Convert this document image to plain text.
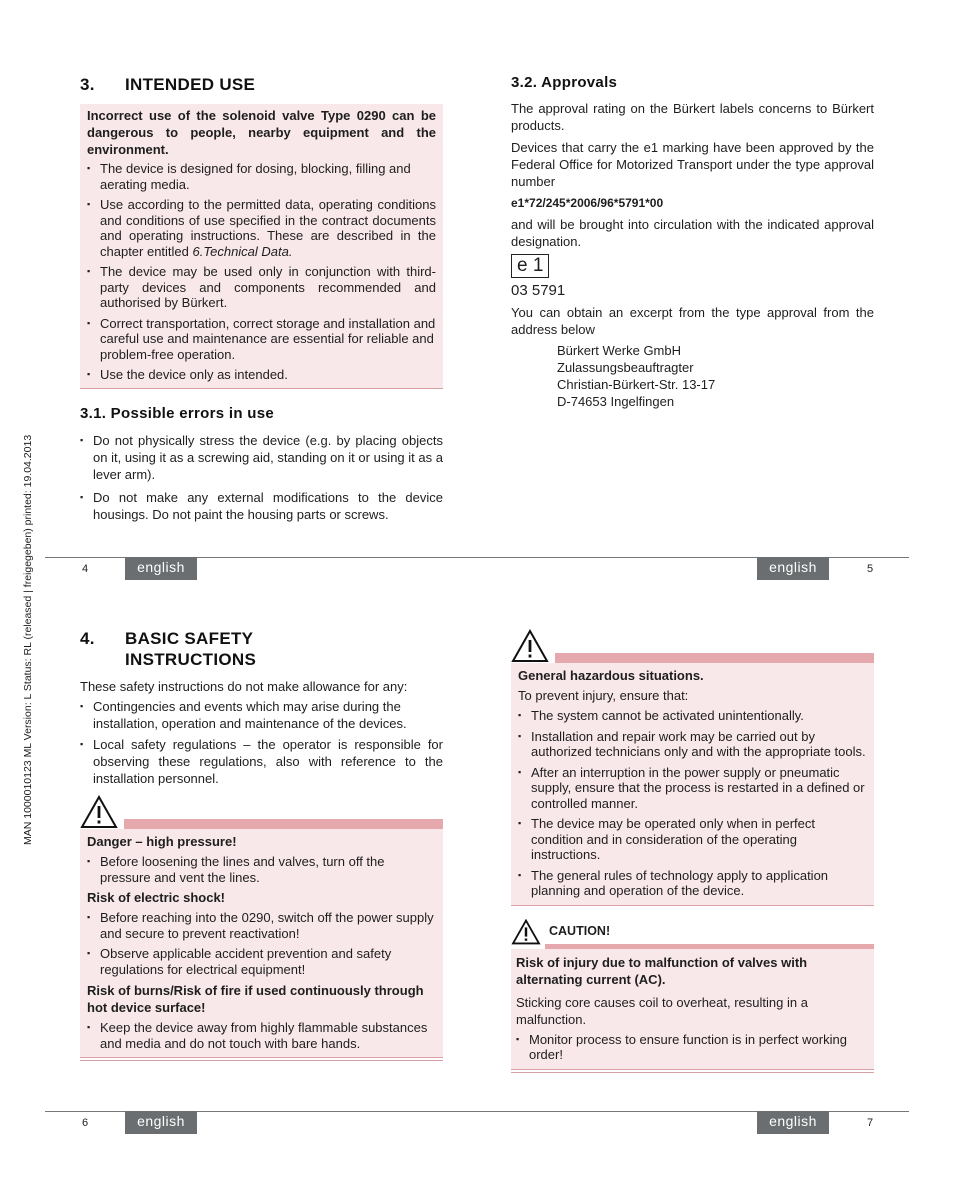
MAN 1000010123 ML Version: L Status: RL (released | freigegeben) printed: 19.04.2013
3.	INTENDED USE

Incorrect use of the solenoid valve Type 0290 can be dangerous to people, nearby equipment and the environment.

▪ The device is designed for dosing, blocking, filling and aerating media.
▪ Use according to the permitted data, operating conditions and conditions of use specified in the contract documents and operating instructions. These are described in the chapter entitled 6.Technical Data.
▪ The device may be used only in conjunction with third-party devices and components recommended and authorised by Bürkert.
▪ Correct transportation, correct storage and installation and careful use and maintenance are essential for reliable and problem-free operation.
▪ Use the device only as intended.
3.1. Possible errors in use
▪ Do not physically stress the device (e.g. by placing objects on it, using it as a screwing aid, standing on it or using it as a lever arm).
▪ Do not make any external modifications to the device housings. Do not paint the housing parts or screws.
3.2. Approvals

The approval rating on the Bürkert labels concerns to Bürkert products.

Devices that carry the e1 marking have been approved by the Federal Office for Motorized Transport under the type approval number

e1*72/245*2006/96*5791*00

and will be brought into circulation with the indicated approval designation.

e 1

03 5791

You can obtain an excerpt from the type approval from the address below

Bürkert Werke GmbH
Zulassungsbeauftragter
Christian-Bürkert-Str. 13-17
D-74653 Ingelfingen
4	english	english	5
4.	BASIC SAFETY
INSTRUCTIONS

These safety instructions do not make allowance for any:

▪ Contingencies and events which may arise during the installation, operation and maintenance of the devices.
▪ Local safety regulations – the operator is responsible for observing these regulations, also with reference to the installation personnel.

Danger – high pressure!

▪ Before loosening the lines and valves, turn off the pressure and vent the lines.

Risk of electric shock!

▪ Before reaching into the 0290, switch off the power supply and secure to prevent reactivation!
▪ Observe applicable accident prevention and safety regulations for electrical equipment!

Risk of burns/Risk of fire if used continuously through hot device surface!

▪ Keep the device away from highly flammable substances and media and do not touch with bare hands.

General hazardous situations.

To prevent injury, ensure that:

▪ The system cannot be activated unintentionally.
▪ Installation and repair work may be carried out by authorized technicians only and with the appropriate tools.
▪ After an interruption in the power supply or pneumatic supply, ensure that the process is restarted in a defined or controlled manner.
▪ The device may be operated only when in perfect condition and in consideration of the operating instructions.
▪ The general rules of technology apply to application planning and operation of the device.
CAUTION!

Risk of injury due to malfunction of valves with alternating current (AC).

Sticking core causes coil to overheat, resulting in a malfunction.

▪ Monitor process to ensure function is in perfect working order!
6	english	english	7
